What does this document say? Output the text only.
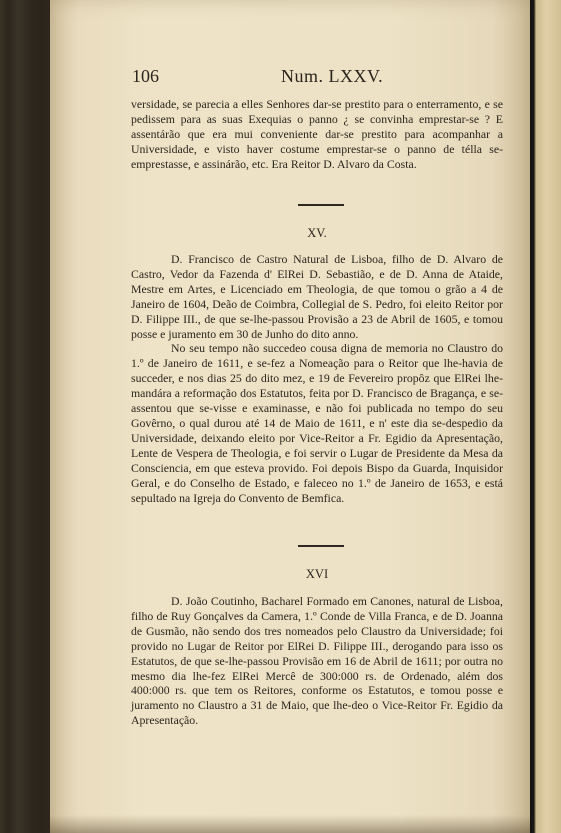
106	Num. LXXV.

versidade, se parecia a elles Senhores dar-se prestito para o enterramento, e se pedissem para as suas Exequias o panno ¿ se convinha emprestar-se ? E assentárão que era mui conveniente dar-se prestito para acompanhar a Universidade, e visto haver costume emprestar-se o panno de télla se-emprestasse, e assinárão, etc. Era Reitor D. Alvaro da Costa.

XV.

D. Francisco de Castro Natural de Lisboa, filho de D. Alvaro de Castro, Vedor da Fazenda d' ElRei D. Sebastião, e de D. Anna de Ataide, Mestre em Artes, e Licenciado em Theologia, de que tomou o grão a 4 de Janeiro de 1604, Deão de Coimbra, Collegial de S. Pedro, foi eleito Reitor por D. Filippe III., de que se-lhe-passou Provisão a 23 de Abril de 1605, e tomou posse e juramento em 30 de Junho do dito anno.

No seu tempo não succedeo cousa digna de memoria no Claustro do 1.º de Janeiro de 1611, e se-fez a Nomeação para o Reitor que lhe-havia de succeder, e nos dias 25 do dito mez, e 19 de Fevereiro propôz que ElRei lhe-mandára a reformação dos Estatutos, feita por D. Francisco de Bragança, e se-assentou que se-visse e examinasse, e não foi publicada no tempo do seu Govêrno, o qual durou até 14 de Maio de 1611, e n' este dia se-despedio da Universidade, deixando eleito por Vice-Reitor a Fr. Egidio da Apresentação, Lente de Vespera de Theologia, e foi servir o Lugar de Presidente da Mesa da Consciencia, em que esteva provido. Foi depois Bispo da Guarda, Inquisidor Geral, e do Conselho de Estado, e faleceo no 1.º de Janeiro de 1653, e está sepultado na Igreja do Convento de Bemfica.

XVI

D. João Coutinho, Bacharel Formado em Canones, natural de Lisboa, filho de Ruy Gonçalves da Camera, 1.º Conde de Villa Franca, e de D. Joanna de Gusmão, não sendo dos tres nomeados pelo Claustro da Universidade; foi provido no Lugar de Reitor por ElRei D. Filippe III., derogando para isso os Estatutos, de que se-lhe-passou Provisão em 16 de Abril de 1611; por outra no mesmo dia lhe-fez ElRei Mercê de 300:000 rs. de Ordenado, além dos 400:000 rs. que tem os Reitores, conforme os Estatutos, e tomou posse e juramento no Claustro a 31 de Maio, que lhe-deo o Vice-Reitor Fr. Egidio da Apresentação.
